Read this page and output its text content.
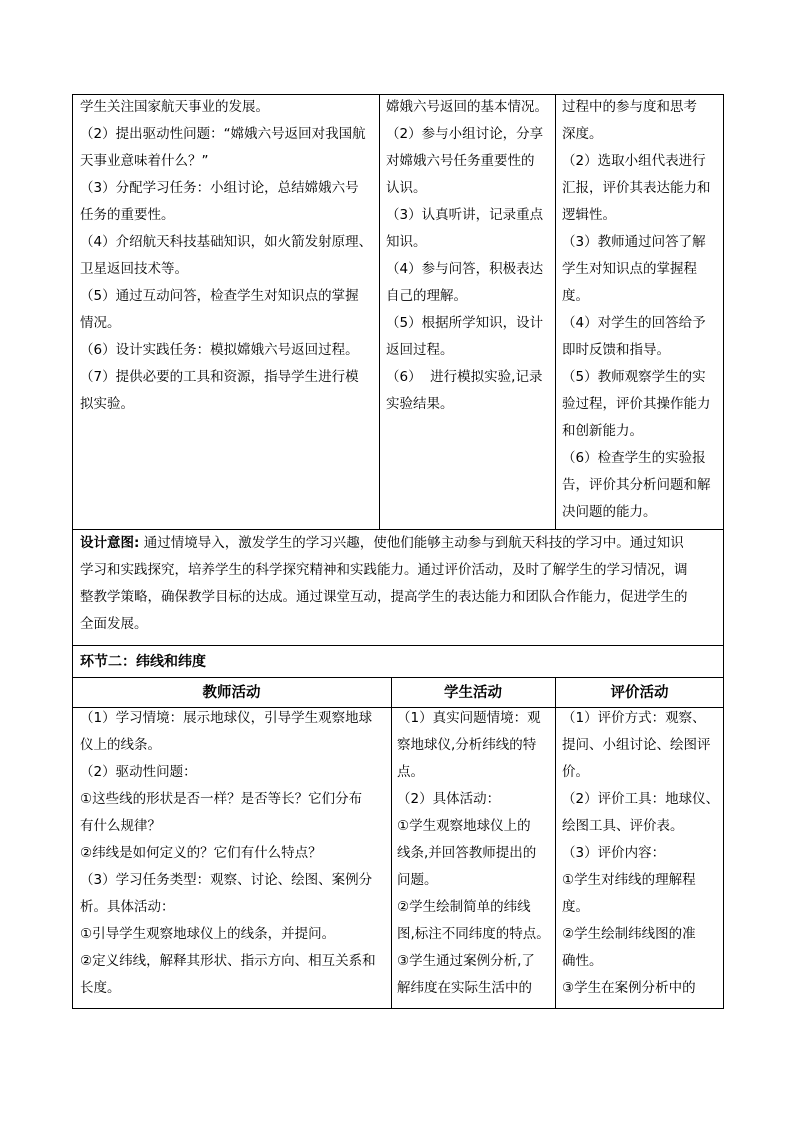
学生关注国家航天事业的发展。

（2）提出驱动性问题：“嫦娥六号返回对我国航

天事业意味着什么？”

（3）分配学习任务：小组讨论，总结嫦娥六号

任务的重要性。

（4）介绍航天科技基础知识，如火箭发射原理、

卫星返回技术等。

（5）通过互动问答，检查学生对知识点的掌握

情况。

（6）设计实践任务：模拟嫦娥六号返回过程。

（7）提供必要的工具和资源，指导学生进行模

拟实验。

嫦娥六号返回的基本情况。

（2）参与小组讨论，分享

对嫦娥六号任务重要性的

认识。

（3）认真听讲，记录重点

知识。

（4）参与问答，积极表达

自己的理解。

（5）根据所学知识，设计

返回过程。

（6）  进行模拟实验,记录

实验结果。

过程中的参与度和思考

深度。

（2）选取小组代表进行

汇报，评价其表达能力和

逻辑性。

（3）教师通过问答了解

学生对知识点的掌握程

度。

（4）对学生的回答给予

即时反馈和指导。

（5）教师观察学生的实

验过程，评价其操作能力

和创新能力。

（6）检查学生的实验报

告，评价其分析问题和解

决问题的能力。

设计意图: 通过情境导入，激发学生的学习兴趣，使他们能够主动参与到航天科技的学习中。通过知识

学习和实践探究，培养学生的科学探究精神和实践能力。通过评价活动，及时了解学生的学习情况，调

整教学策略，确保教学目标的达成。通过课堂互动，提高学生的表达能力和团队合作能力，促进学生的

全面发展。

环节二：纬线和纬度
教师活动	学生活动	评价活动

（1）学习情境：展示地球仪，引导学生观察地球

仪上的线条。

（2）驱动性问题：

①这些线的形状是否一样？是否等长？它们分布

有什么规律？

②纬线是如何定义的？它们有什么特点？

（3）学习任务类型：观察、讨论、绘图、案例分

析。具体活动：

①引导学生观察地球仪上的线条，并提问。

②定义纬线，解释其形状、指示方向、相互关系和

长度。

（1）真实问题情境：观

察地球仪,分析纬线的特

点。

（2）具体活动：

①学生观察地球仪上的

线条,并回答教师提出的

问题。

②学生绘制简单的纬线

图,标注不同纬度的特点。

③学生通过案例分析,了

解纬度在实际生活中的

（1）评价方式：观察、

提问、小组讨论、绘图评

价。

（2）评价工具：地球仪、

绘图工具、评价表。

（3）评价内容：

①学生对纬线的理解程

度。

②学生绘制纬线图的准

确性。

③学生在案例分析中的
